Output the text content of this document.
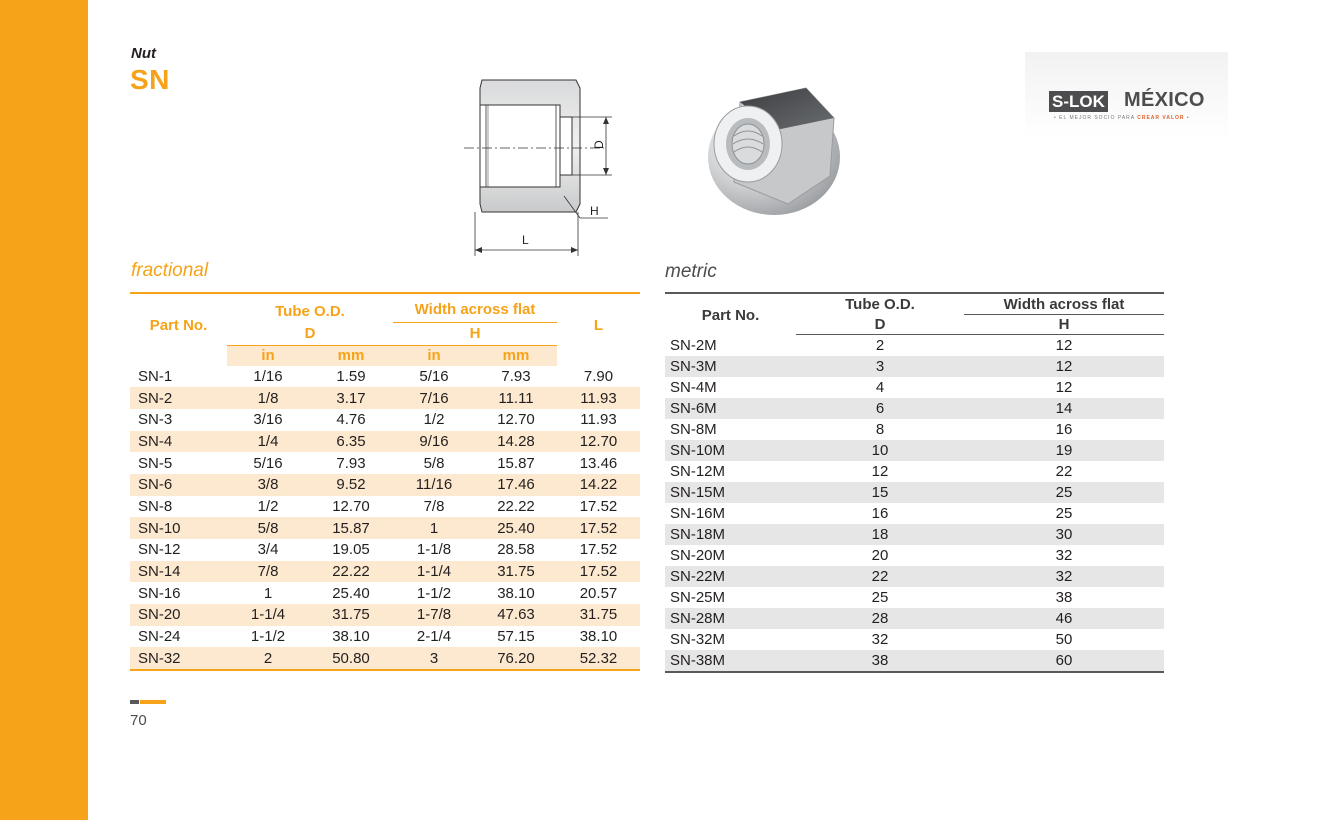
Nut
SN
D
H
L
S-LOK MÉXICO
• EL MEJOR SOCIO PARA CREAR VALOR •
fractional	metric
Part No.	Tube O.D.		Width across flat		L
	D		H		
	in	mm	in	mm	
SN-1	1/16	1.59	5/16	7.93	7.90
SN-2	1/8	3.17	7/16	11.11	11.93
SN-3	3/16	4.76	1/2	12.70	11.93
SN-4	1/4	6.35	9/16	14.28	12.70
SN-5	5/16	7.93	5/8	15.87	13.46
SN-6	3/8	9.52	11/16	17.46	14.22
SN-8	1/2	12.70	7/8	22.22	17.52
SN-10	5/8	15.87	1	25.40	17.52
SN-12	3/4	19.05	1-1/8	28.58	17.52
SN-14	7/8	22.22	1-1/4	31.75	17.52
SN-16	1	25.40	1-1/2	38.10	20.57
SN-20	1-1/4	31.75	1-7/8	47.63	31.75
SN-24	1-1/2	38.10	2-1/4	57.15	38.10
SN-32	2	50.80	3	76.20	52.32
Part No.	Tube O.D.	Width across flat
	D	H
SN-2M	2	12
SN-3M	3	12
SN-4M	4	12
SN-6M	6	14
SN-8M	8	16
SN-10M	10	19
SN-12M	12	22
SN-15M	15	25
SN-16M	16	25
SN-18M	18	30
SN-20M	20	32
SN-22M	22	32
SN-25M	25	38
SN-28M	28	46
SN-32M	32	50
SN-38M	38	60
70
